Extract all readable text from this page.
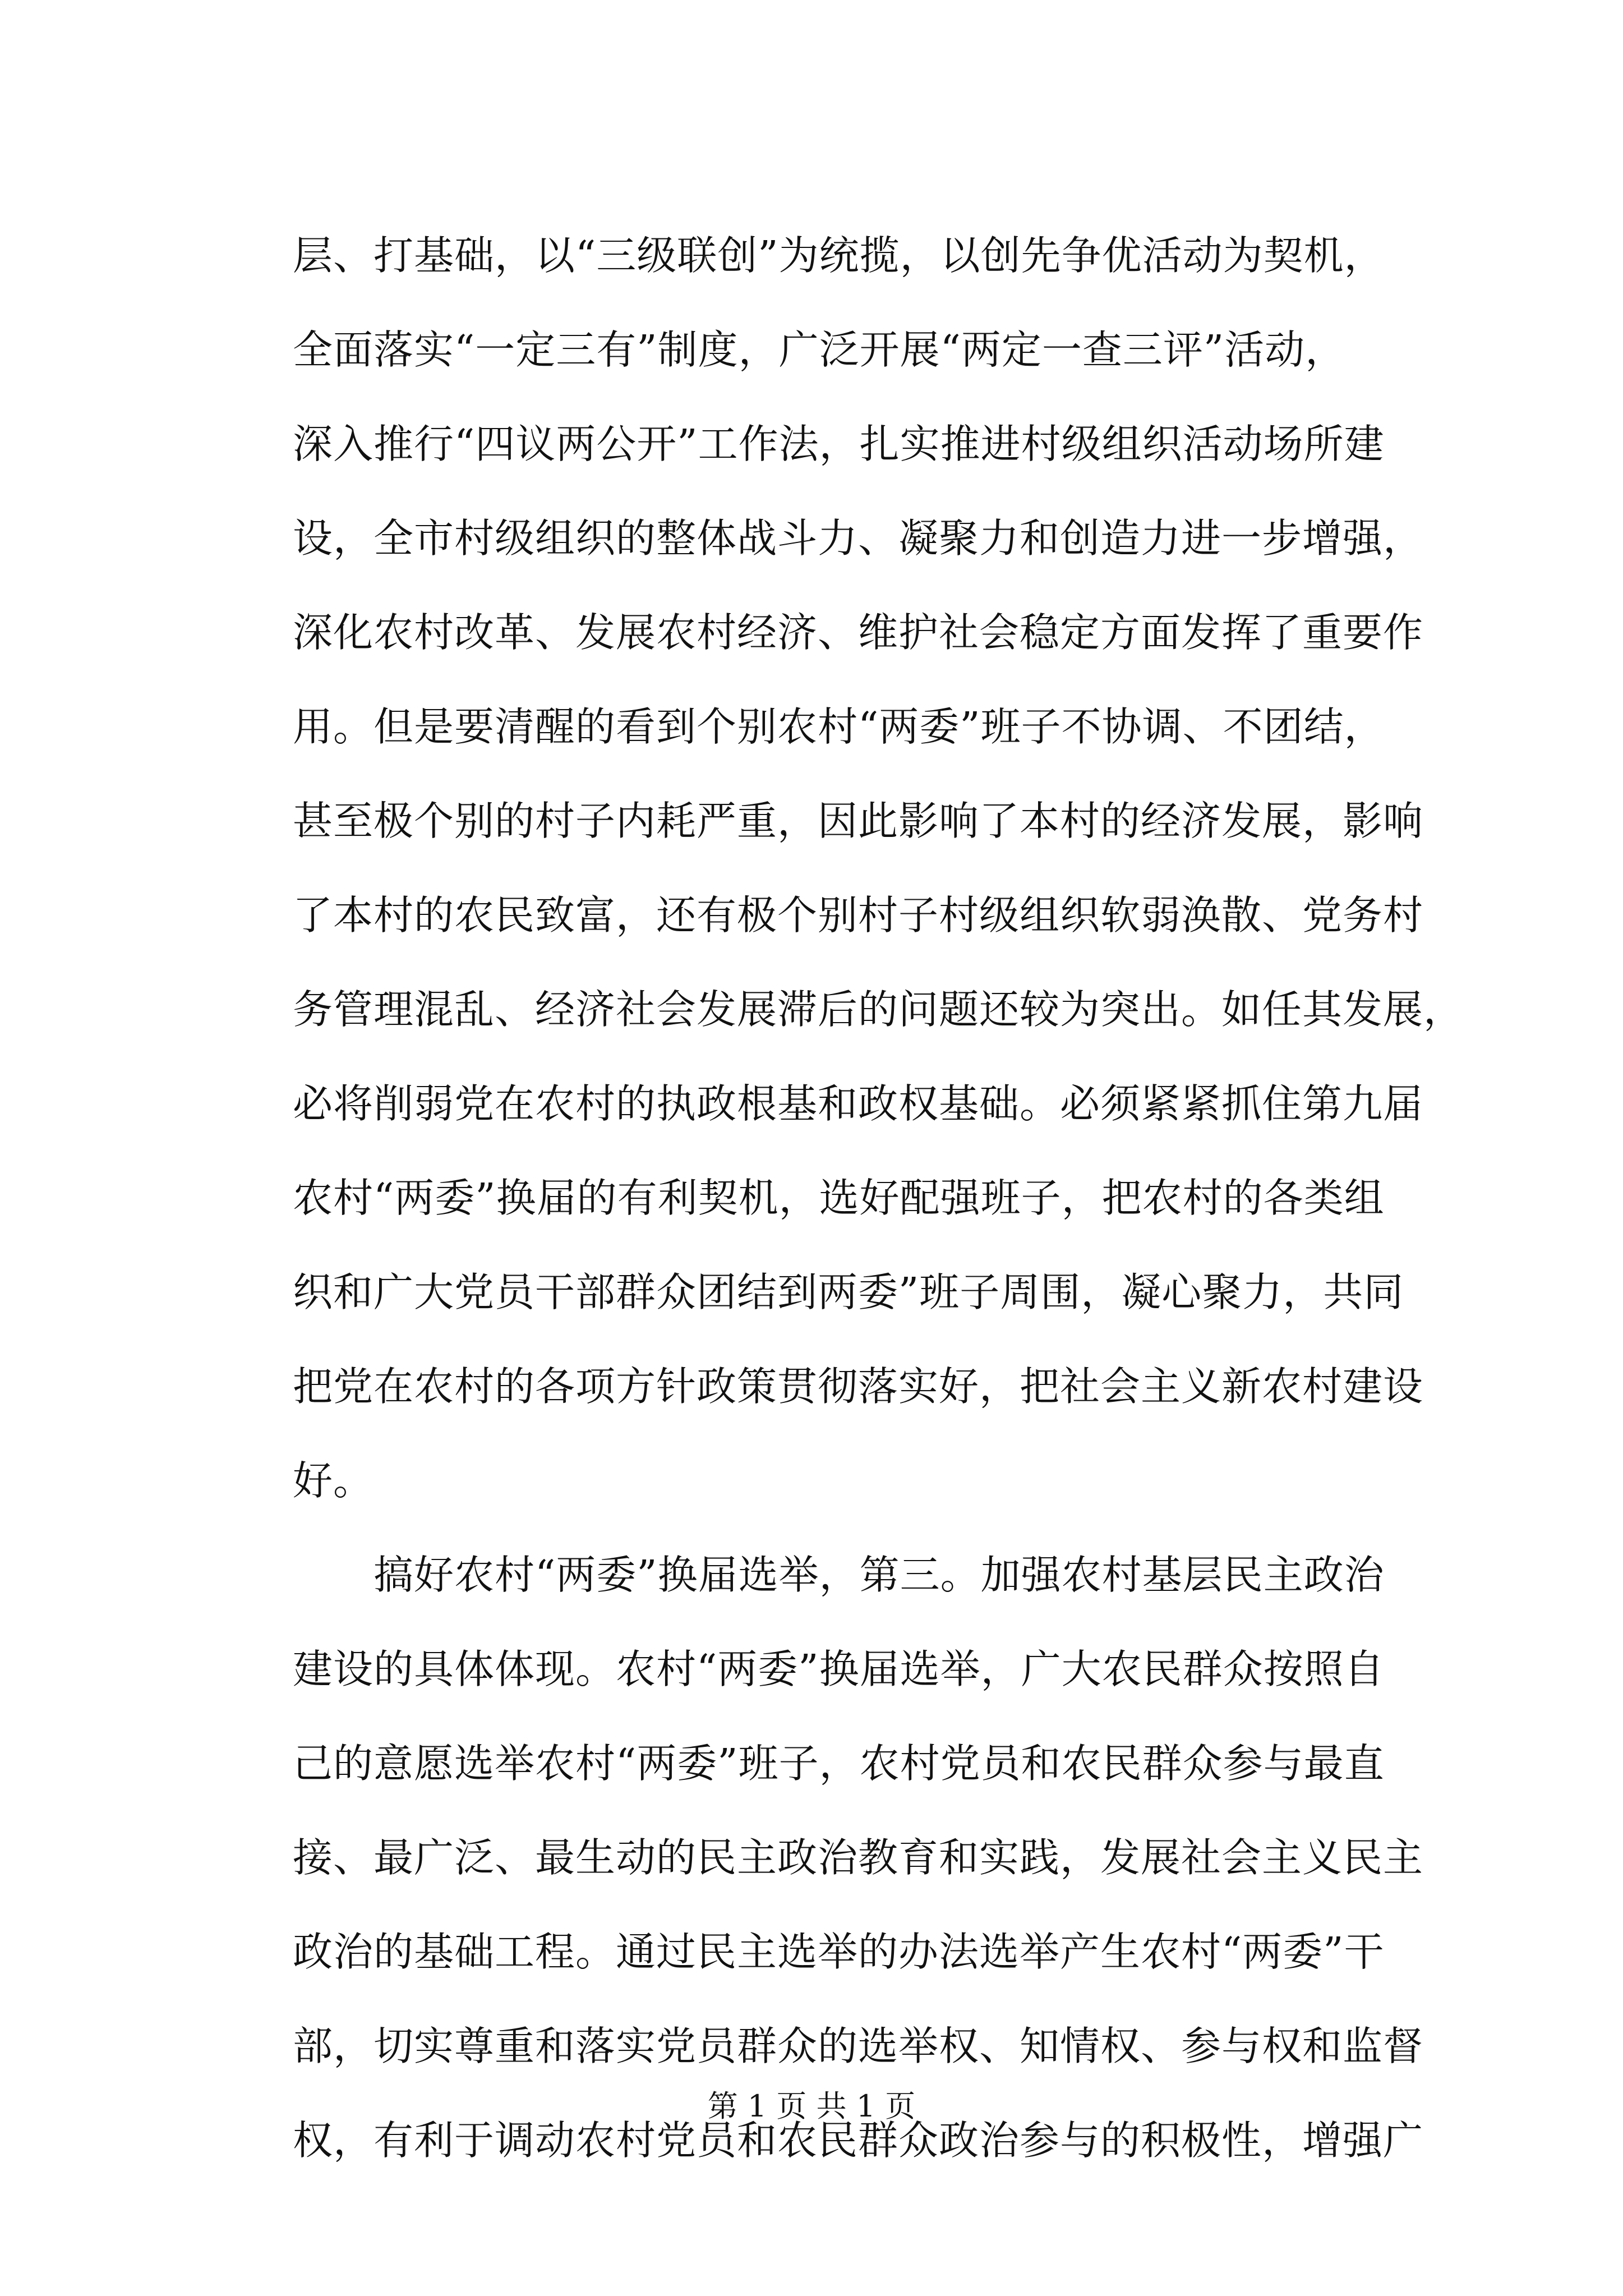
层、打基础，以“三级联创”为统揽，以创先争优活动为契机，
全面落实“一定三有”制度，广泛开展“两定一查三评”活动，
深入推行“四议两公开”工作法，扎实推进村级组织活动场所建
设，全市村级组织的整体战斗力、凝聚力和创造力进一步增强，
深化农村改革、发展农村经济、维护社会稳定方面发挥了重要作
用。但是要清醒的看到个别农村“两委”班子不协调、不团结，
甚至极个别的村子内耗严重，因此影响了本村的经济发展，影响
了本村的农民致富，还有极个别村子村级组织软弱涣散、党务村
务管理混乱、经济社会发展滞后的问题还较为突出。如任其发展，
必将削弱党在农村的执政根基和政权基础。必须紧紧抓住第九届
农村“两委”换届的有利契机，选好配强班子，把农村的各类组
织和广大党员干部群众团结到两委”班子周围，凝心聚力，共同
把党在农村的各项方针政策贯彻落实好，把社会主义新农村建设
好。
　　搞好农村“两委”换届选举，第三。加强农村基层民主政治
建设的具体体现。农村“两委”换届选举，广大农民群众按照自
己的意愿选举农村“两委”班子，农村党员和农民群众参与最直
接、最广泛、最生动的民主政治教育和实践，发展社会主义民主
政治的基础工程。通过民主选举的办法选举产生农村“两委”干
部，切实尊重和落实党员群众的选举权、知情权、参与权和监督
权，有利于调动农村党员和农民群众政治参与的积极性，增强广
第 1 页 共 1 页
